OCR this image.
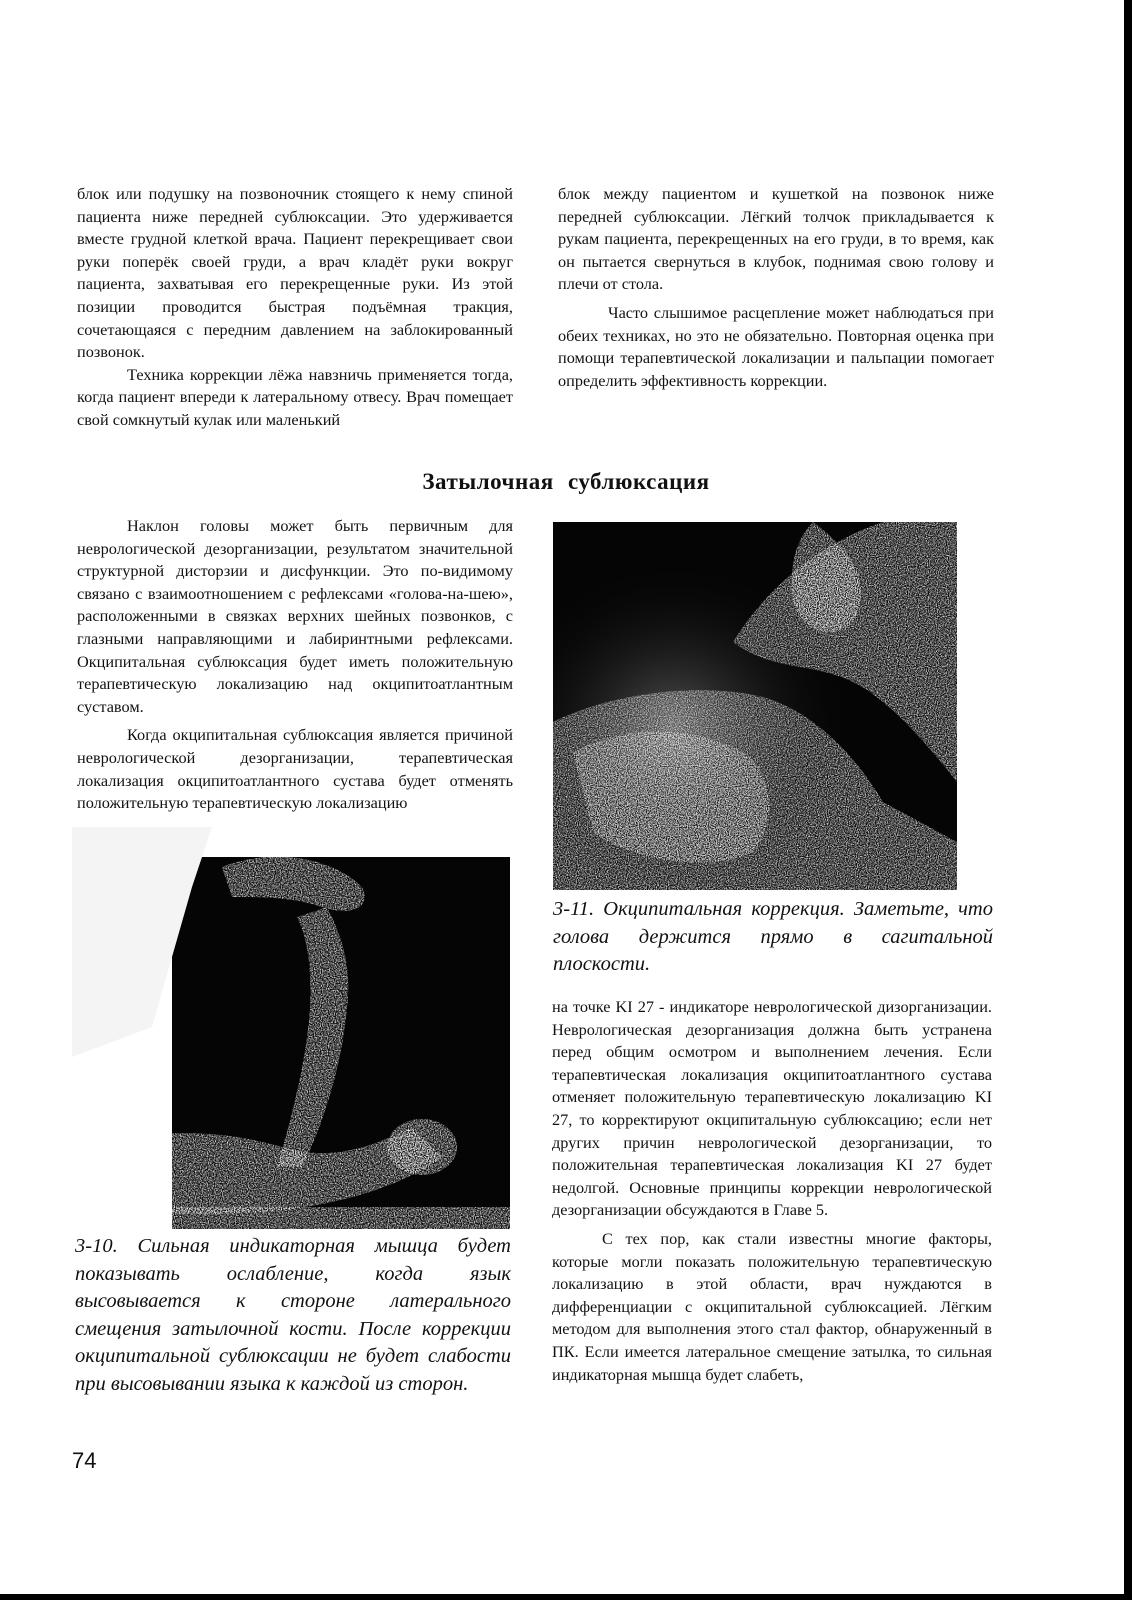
блок или подушку на позвоночник стоящего к нему спиной пациента ниже передней сублюксации. Это удерживается вместе грудной клеткой врача. Пациент перекрещивает свои руки поперёк своей груди, а врач кладёт руки вокруг пациента, захватывая его перекрещенные руки. Из этой позиции проводится быстрая подъёмная тракция, сочетающаяся с передним давлением на заблокированный позвонок.

Техника коррекции лёжа навзничь применяется тогда, когда пациент впереди к латеральному отвесу. Врач помещает свой сомкнутый кулак или маленький

блок между пациентом и кушеткой на позвонок ниже передней сублюксации. Лёгкий толчок прикладывается к рукам пациента, перекрещенных на его груди, в то время, как он пытается свернуться в клубок, поднимая свою голову и плечи от стола.

Часто слышимое расцепление может наблюдаться при обеих техниках, но это не обязательно. Повторная оценка при помощи терапевтической локализации и пальпации помогает определить эффективность коррекции.

Затылочная сублюксация

Наклон головы может быть первичным для неврологической дезорганизации, результатом значительной структурной дисторзии и дисфункции. Это по-видимому связано с взаимоотношением с рефлексами «голова-на-шею», расположенными в связках верхних шейных позвонков, с глазными направляющими и лабиринтными рефлексами. Окципитальная сублюксация будет иметь положительную терапевтическую локализацию над окципитоатлантным суставом.

Когда окципитальная сублюксация является причиной неврологической дезорганизации, терапевтическая локализация окципитоатлантного сустава будет отменять положительную терапевтическую локализацию

3-11. Окципитальная коррекция. Заметьте, что голова держится прямо в сагитальной плоскости.
3-10. Сильная индикаторная мышца будет показывать ослабление, когда язык высовывается к стороне латерального смещения затылочной кости. После коррекции окципитальной сублюксации не будет слабости при высовывании языка к каждой из сторон.

на точке KI 27 - индикаторе неврологической дизорганизации. Неврологическая дезорганизация должна быть устранена перед общим осмотром и выполнением лечения. Если терапевтическая локализация окципитоатлантного сустава отменяет положительную терапевтическую локализацию KI 27, то корректируют окципитальную сублюксацию; если нет других причин неврологической дезорганизации, то положительная терапевтическая локализация KI 27 будет недолгой. Основные принципы коррекции неврологической дезорганизации обсуждаются в Главе 5.

С тех пор, как стали известны многие факторы, которые могли показать положительную терапевтическую локализацию в этой области, врач нуждаются в дифференциации с окципитальной сублюксацией. Лёгким методом для выполнения этого стал фактор, обнаруженный в ПК. Если имеется латеральное смещение затылка, то сильная индикаторная мышца будет слабеть,

74
